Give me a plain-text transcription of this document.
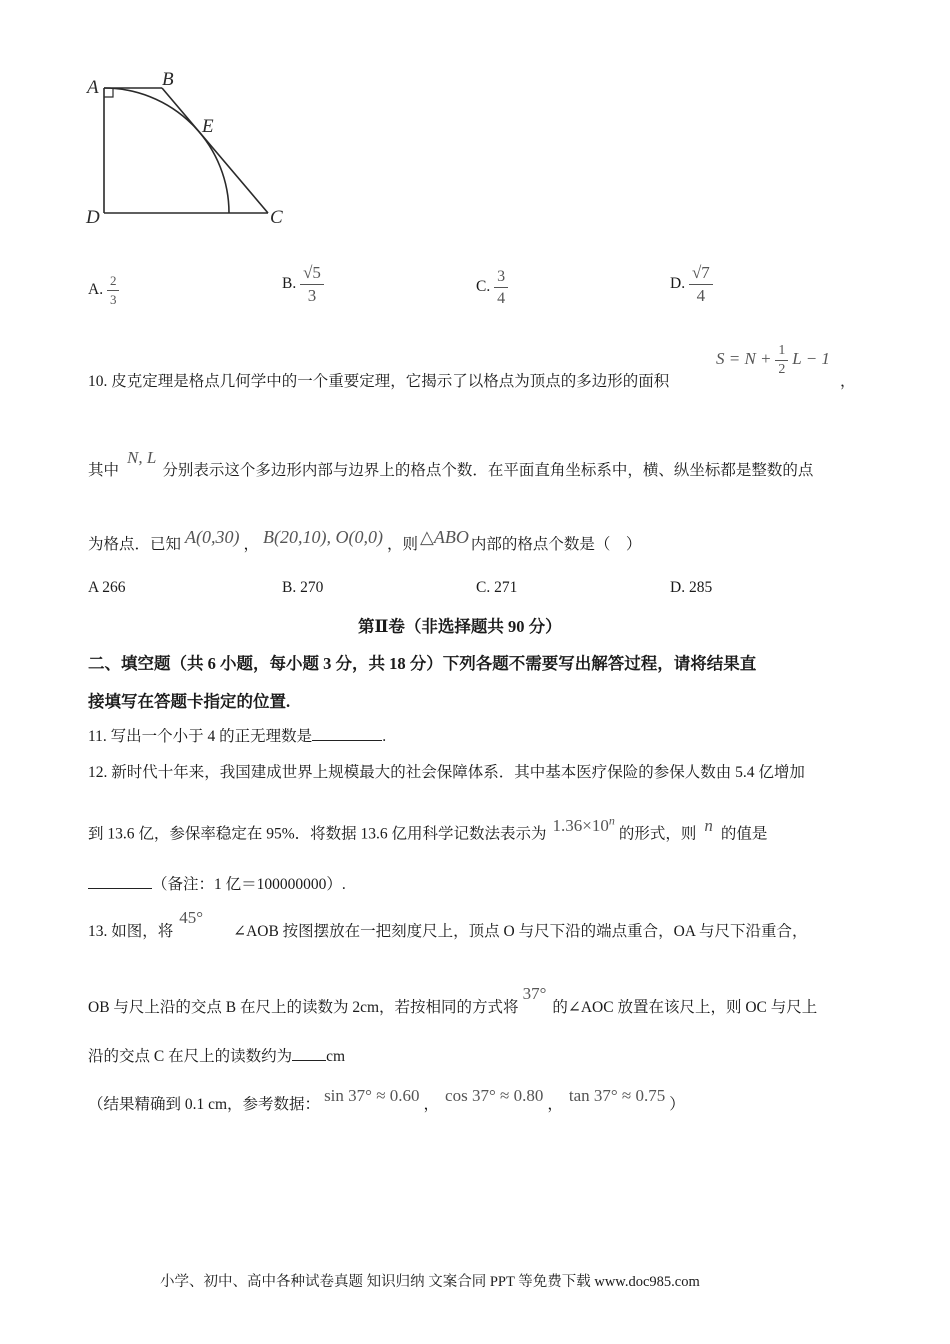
A	B
E
D	C
A. $\frac{2}{3}$	B. $\frac{√5}{3}$	C. $\frac{3}{4}$	D. $\frac{√7}{4}$
10. 皮克定理是格点几何学中的一个重要定理，它揭示了以格点为顶点的多边形的面积
$S = N + \frac{1}{2}$ L − 1
，
其中N, L分别表示这个多边形内部与边界上的格点个数．在平面直角坐标系中，横、纵坐标都是整数的点
为格点．已知 A(0,30) ， B(20,10), O(0,0) ，则 △ABO 内部的格点个数是（　）
A 266	B. 270	C. 271	D. 285
第Ⅱ卷（非选择题共 90 分）
二、填空题（共 6 小题，每小题 3 分，共 18 分）下列各题不需要写出解答过程，请将结果直
接填写在答题卡指定的位置.
11. 写出一个小于 4 的正无理数是	.
12. 新时代十年来，我国建成世界上规模最大的社会保障体系．其中基本医疗保险的参保人数由 5.4 亿增加
到 13.6 亿，参保率稳定在 95%．将数据 13.6 亿用科学记数法表示为 $1.36\times 10^n$的形式，则 n 的值是
（备注：1 亿＝100000000）.
13. 如图，将45°∠AOB 按图摆放在一把刻度尺上，顶点 O 与尺下沿的端点重合，OA 与尺下沿重合，
OB 与尺上沿的交点 B 在尺上的读数为 2cm，若按相同的方式将37°的∠AOC 放置在该尺上，则 OC 与尺上
沿的交点 C 在尺上的读数约为 cm
（结果精确到 0.1 cm，参考数据： sin 37° ≈ 0.60 ， cos 37° ≈ 0.80 ， tan 37° ≈ 0.75 ）
小学、初中、高中各种试卷真题 知识归纳 文案合同 PPT 等免费下载 www.doc985.com
